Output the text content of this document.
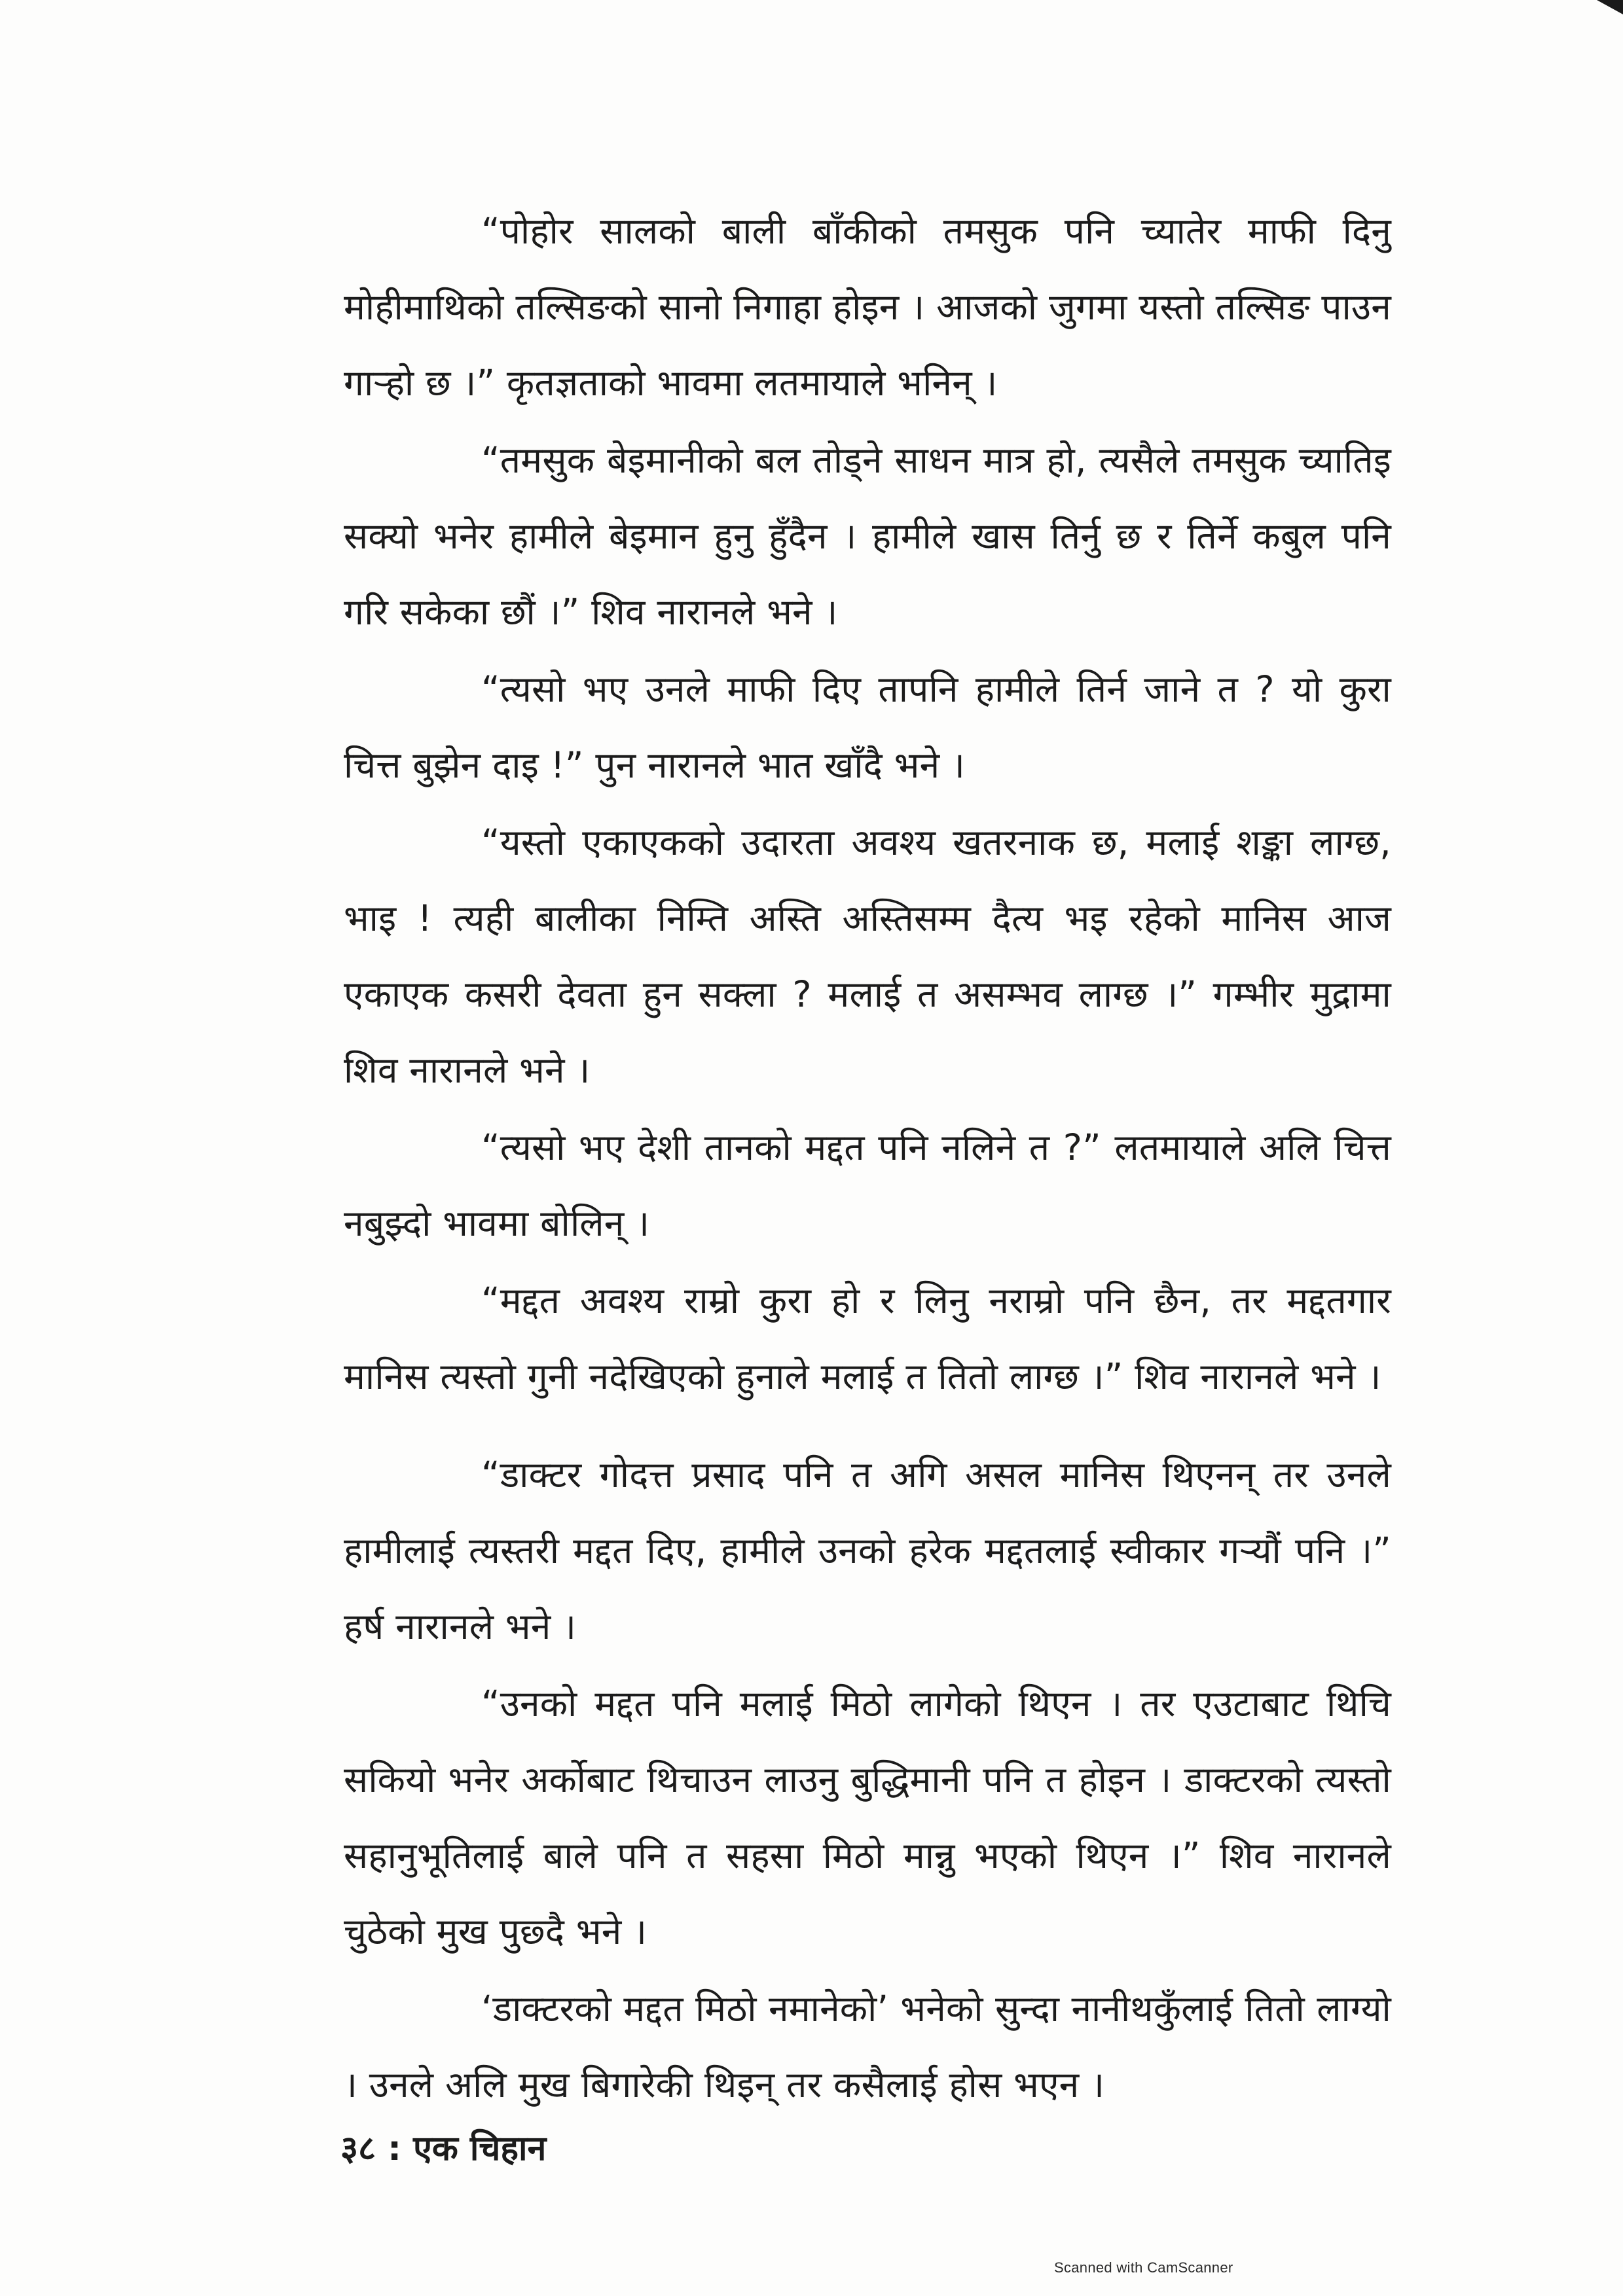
“पोहोर सालको बाली बाँकीको तमसुक पनि च्यातेर माफी दिनु मोहीमाथिको तल्सिङको सानो निगाहा होइन । आजको जुगमा यस्तो तल्सिङ पाउन गाऱ्हो छ ।” कृतज्ञताको भावमा लतमायाले भनिन् ।

“तमसुक बेइमानीको बल तोड्ने साधन मात्र हो, त्यसैले तमसुक च्यातिइ सक्यो भनेर हामीले बेइमान हुनु हुँदैन । हामीले खास तिर्नु छ र तिर्ने कबुल पनि गरि सकेका छौं ।” शिव नारानले भने ।

“त्यसो भए उनले माफी दिए तापनि हामीले तिर्न जाने त ? यो कुरा चित्त बुझेन दाइ !” पुन नारानले भात खाँदै भने ।

“यस्तो एकाएकको उदारता अवश्य खतरनाक छ, मलाई शङ्का लाग्छ, भाइ ! त्यही बालीका निम्ति अस्ति अस्तिसम्म दैत्य भइ रहेको मानिस आज एकाएक कसरी देवता हुन सक्ला ? मलाई त असम्भव लाग्छ ।” गम्भीर मुद्रामा शिव नारानले भने ।

“त्यसो भए देशी तानको मद्दत पनि नलिने त ?” लतमायाले अलि चित्त नबुझ्दो भावमा बोलिन् ।

“मद्दत अवश्य राम्रो कुरा हो र लिनु नराम्रो पनि छैन, तर मद्दतगार मानिस त्यस्तो गुनी नदेखिएको हुनाले मलाई त तितो लाग्छ ।” शिव नारानले भने ।

“डाक्टर गोदत्त प्रसाद पनि त अगि असल मानिस थिएनन् तर उनले हामीलाई त्यस्तरी मद्दत दिए, हामीले उनको हरेक मद्दतलाई स्वीकार गऱ्यौं पनि ।” हर्ष नारानले भने ।

“उनको मद्दत पनि मलाई मिठो लागेको थिएन । तर एउटाबाट थिचि सकियो भनेर अर्कोबाट थिचाउन लाउनु बुद्धिमानी पनि त होइन । डाक्टरको त्यस्तो सहानुभूतिलाई बाले पनि त सहसा मिठो मान्नु भएको थिएन ।” शिव नारानले चुठेको मुख पुछ्दै भने ।

‘डाक्टरको मद्दत मिठो नमानेको’ भनेको सुन्दा नानीथकुँलाई तितो लाग्यो । उनले अलि मुख बिगारेकी थिइन् तर कसैलाई होस भएन ।

३८ : एक चिहान
Scanned with CamScanner
